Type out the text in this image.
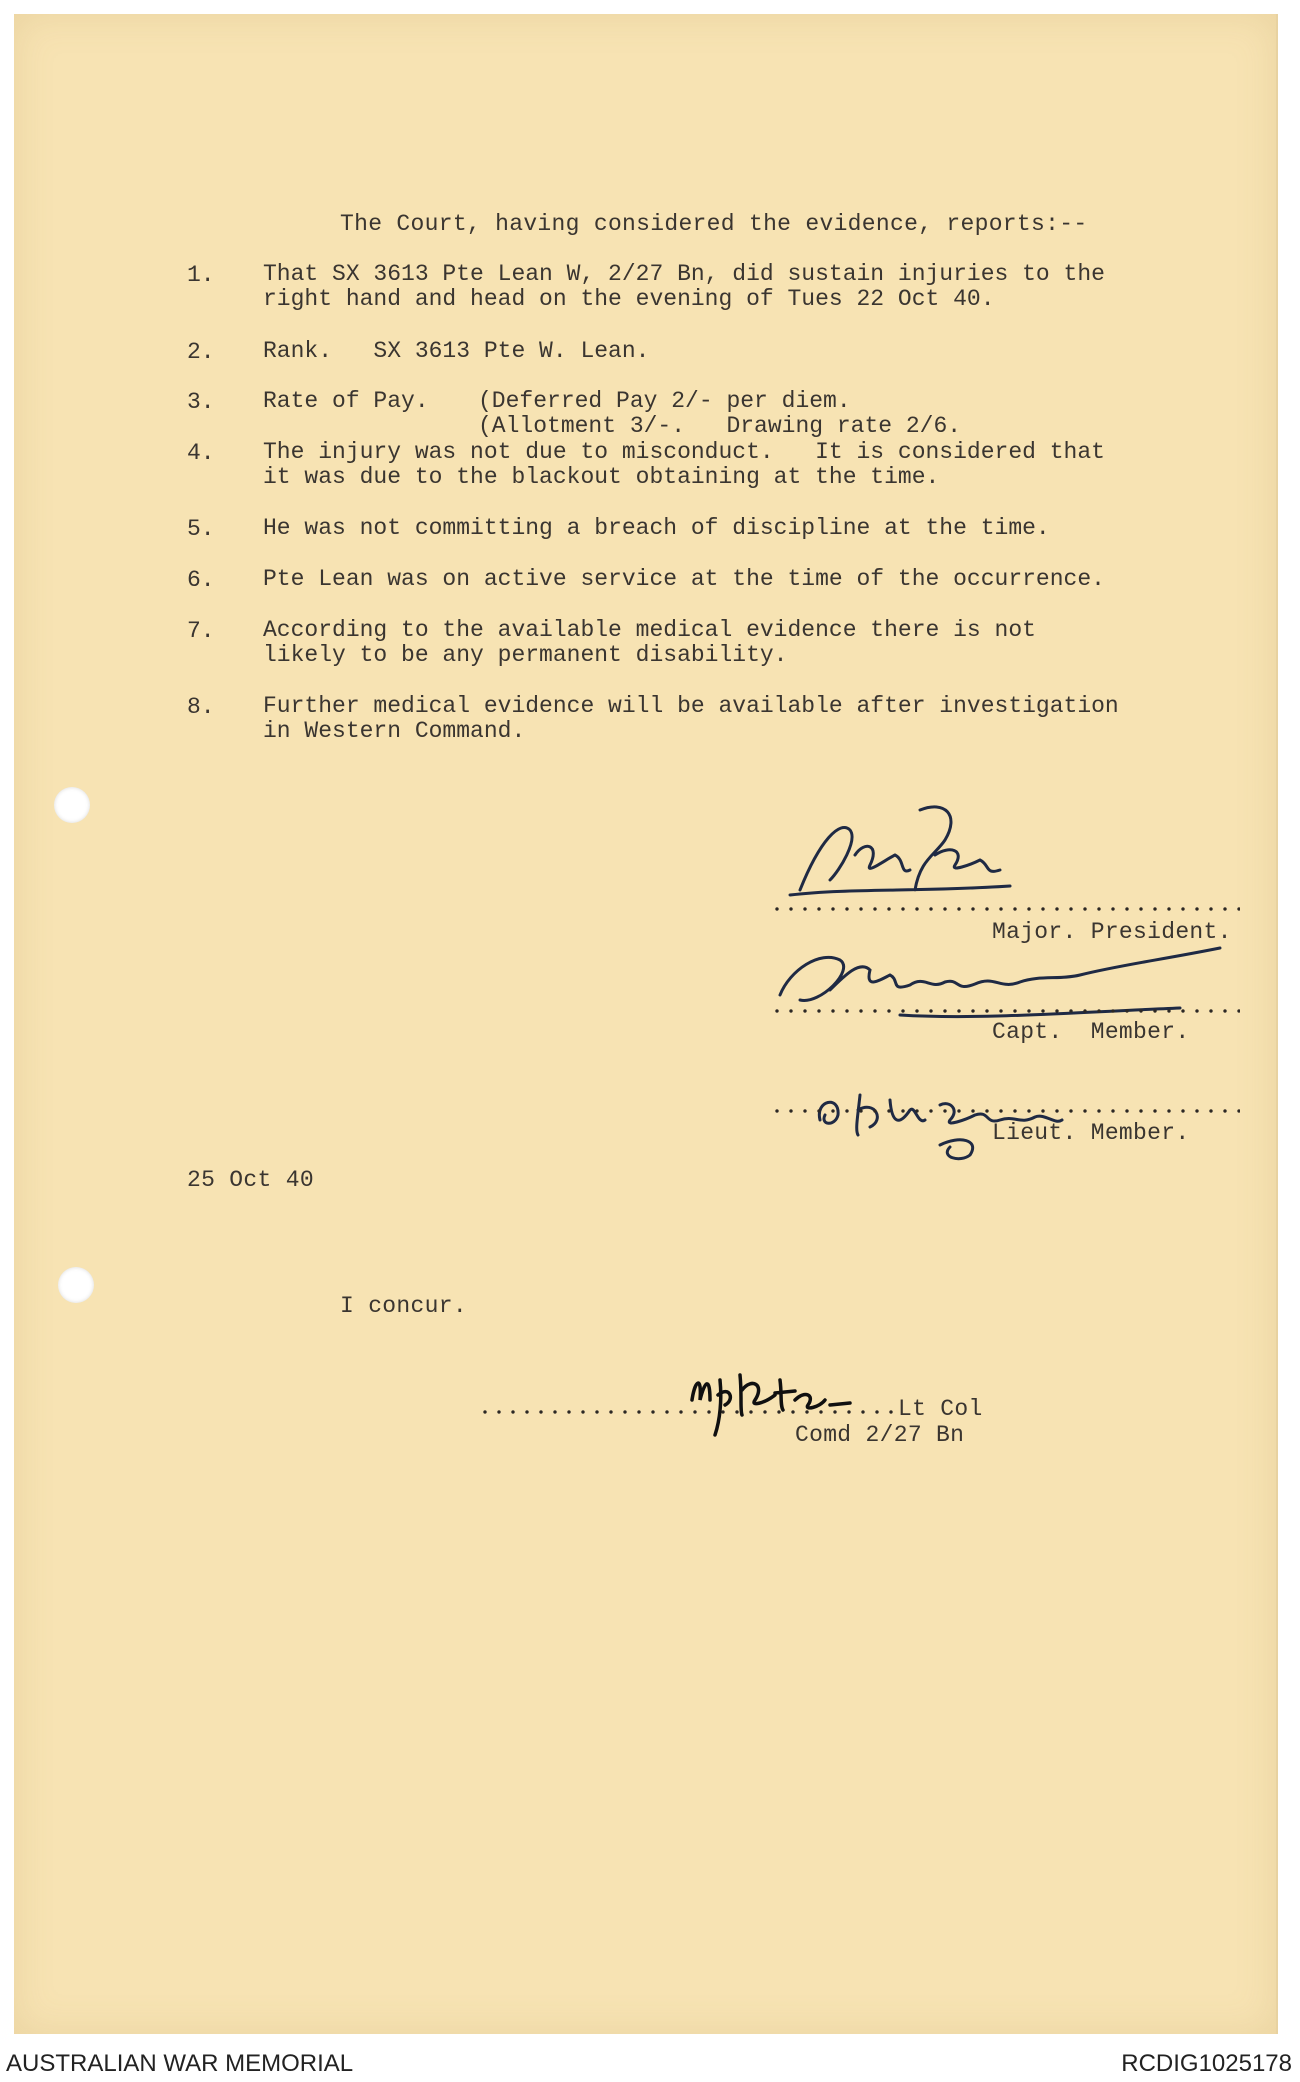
The Court, having considered the evidence, reports:--
1. That SX 3613 Pte Lean W, 2/27 Bn, did sustain injuries to the
right hand and head on the evening of Tues 22 Oct 40.
2. Rank.   SX 3613 Pte W. Lean.
3. Rate of Pay. (Deferred Pay 2/- per diem.
(Allotment 3/-.   Drawing rate 2/6.
4. The injury was not due to misconduct.   It is considered that
it was due to the blackout obtaining at the time.
5. He was not committing a breach of discipline at the time.
6. Pte Lean was on active service at the time of the occurrence.
7. According to the available medical evidence there is not
likely to be any permanent disability.
8. Further medical evidence will be available after investigation
in Western Command.
Major. President.
Capt.  Member.
Lieut. Member.
25 Oct 40
I concur.
Lt Col
Comd 2/27 Bn
AUSTRALIAN WAR MEMORIAL	RCDIG1025178
